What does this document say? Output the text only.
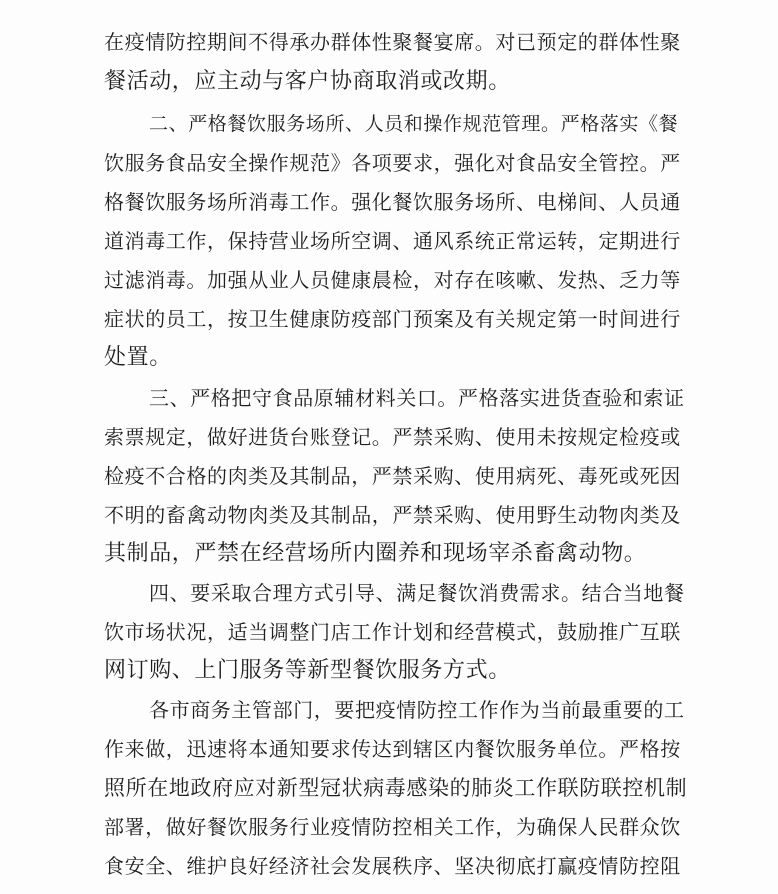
在疫情防控期间不得承办群体性聚餐宴席。对已预定的群体性聚
餐活动，应主动与客户协商取消或改期。
二、严格餐饮服务场所、人员和操作规范管理。严格落实《餐
饮服务食品安全操作规范》各项要求，强化对食品安全管控。严
格餐饮服务场所消毒工作。强化餐饮服务场所、电梯间、人员通
道消毒工作，保持营业场所空调、通风系统正常运转，定期进行
过滤消毒。加强从业人员健康晨检，对存在咳嗽、发热、乏力等
症状的员工，按卫生健康防疫部门预案及有关规定第一时间进行
处置。
三、严格把守食品原辅材料关口。严格落实进货查验和索证
索票规定，做好进货台账登记。严禁采购、使用未按规定检疫或
检疫不合格的肉类及其制品，严禁采购、使用病死、毒死或死因
不明的畜禽动物肉类及其制品，严禁采购、使用野生动物肉类及
其制品，严禁在经营场所内圈养和现场宰杀畜禽动物。
四、要采取合理方式引导、满足餐饮消费需求。结合当地餐
饮市场状况，适当调整门店工作计划和经营模式，鼓励推广互联
网订购、上门服务等新型餐饮服务方式。
各市商务主管部门，要把疫情防控工作作为当前最重要的工
作来做，迅速将本通知要求传达到辖区内餐饮服务单位。严格按
照所在地政府应对新型冠状病毒感染的肺炎工作联防联控机制
部署，做好餐饮服务行业疫情防控相关工作，为确保人民群众饮
食安全、维护良好经济社会发展秩序、坚决彻底打赢疫情防控阻
